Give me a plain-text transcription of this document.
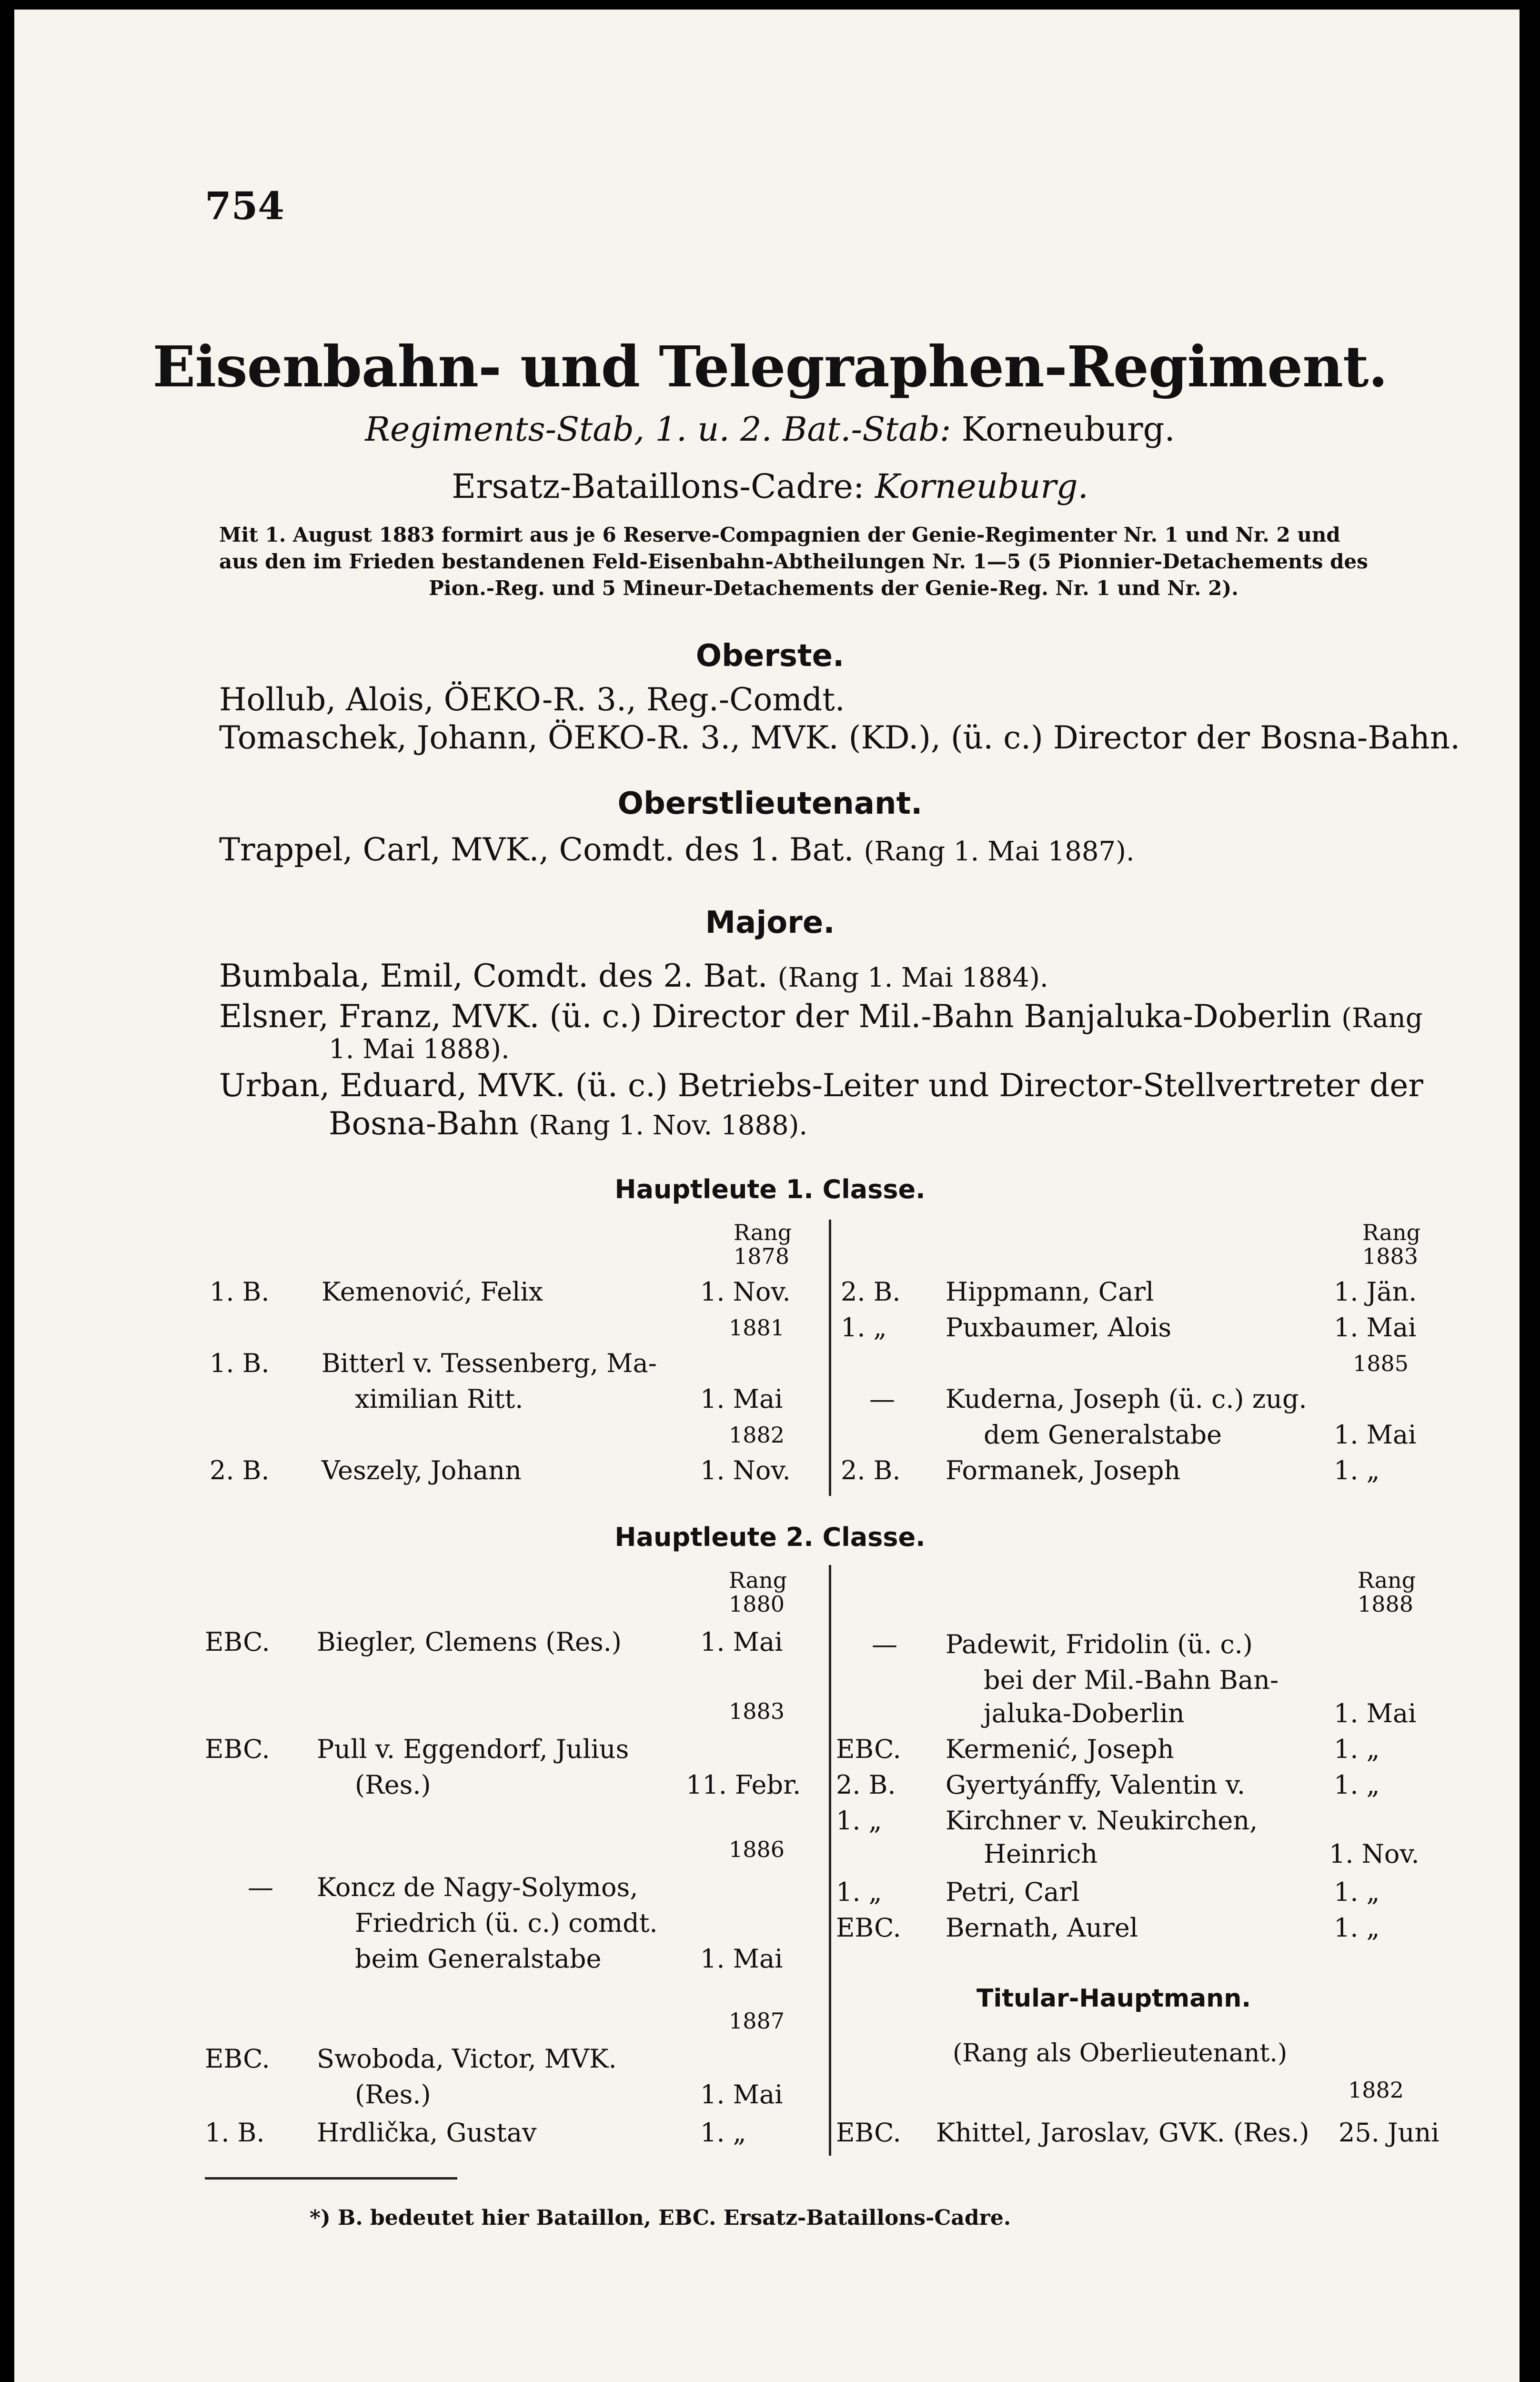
754
Eisenbahn- und Telegraphen-Regiment.
Regiments-Stab, 1. u. 2. Bat.-Stab: Korneuburg.
Ersatz-Bataillons-Cadre: Korneuburg.
Mit 1. August 1883 formirt aus je 6 Reserve-Compagnien der Genie-Regimenter Nr. 1 und Nr. 2 und
aus den im Frieden bestandenen Feld-Eisenbahn-Abtheilungen Nr. 1—5 (5 Pionnier-Detachements des
Pion.-Reg. und 5 Mineur-Detachements der Genie-Reg. Nr. 1 und Nr. 2).
Oberste.
Hollub, Alois, ÖEKO-R. 3., Reg.-Comdt.
Tomaschek, Johann, ÖEKO-R. 3., MVK. (KD.), (ü. c.) Director der Bosna-Bahn.
Oberstlieutenant.
Trappel, Carl, MVK., Comdt. des 1. Bat. (Rang 1. Mai 1887).
Majore.
Bumbala, Emil, Comdt. des 2. Bat. (Rang 1. Mai 1884).
Elsner, Franz, MVK. (ü. c.) Director der Mil.-Bahn Banjaluka-Doberlin (Rang
1. Mai 1888).
Urban, Eduard, MVK. (ü. c.) Betriebs-Leiter und Director-Stellvertreter der
Bosna-Bahn (Rang 1. Nov. 1888).
Hauptleute 1. Classe.
Rang
1878
Rang
1883
1. B. Kemenović, Felix	1. Nov.
1881
1. B. Bitterl v. Tessenberg, Ma-
ximilian Ritt.	1. Mai
1882
2. B. Veszely, Johann	1. Nov.
2. B. Hippmann, Carl	1. Jän.
1. „ Puxbaumer, Alois	1. Mai
1885
— Kuderna, Joseph (ü. c.) zug.
dem Generalstabe	1. Mai
2. B. Formanek, Joseph	1. „
Hauptleute 2. Classe.
Rang
1880
Rang
1888
EBC. Biegler, Clemens (Res.)	1. Mai
1883
EBC. Pull v. Eggendorf, Julius
(Res.)	11. Febr.
1886
— Koncz de Nagy-Solymos,
Friedrich (ü. c.) comdt.
beim Generalstabe	1. Mai
1887
EBC. Swoboda, Victor, MVK.
(Res.)	1. Mai
1. B. Hrdlička, Gustav	1. „
— Padewit, Fridolin (ü. c.)
bei der Mil.-Bahn Ban-
jaluka-Doberlin	1. Mai
EBC. Kermenić, Joseph	1. „
2. B. Gyertyánffy, Valentin v.	1. „
1. „ Kirchner v. Neukirchen,
Heinrich	1. Nov.
1. „ Petri, Carl	1. „
EBC. Bernath, Aurel	1. „
Titular-Hauptmann.
(Rang als Oberlieutenant.)
1882
EBC. Khittel, Jaroslav, GVK. (Res.) 25. Juni
*) B. bedeutet hier Bataillon, EBC. Ersatz-Bataillons-Cadre.
